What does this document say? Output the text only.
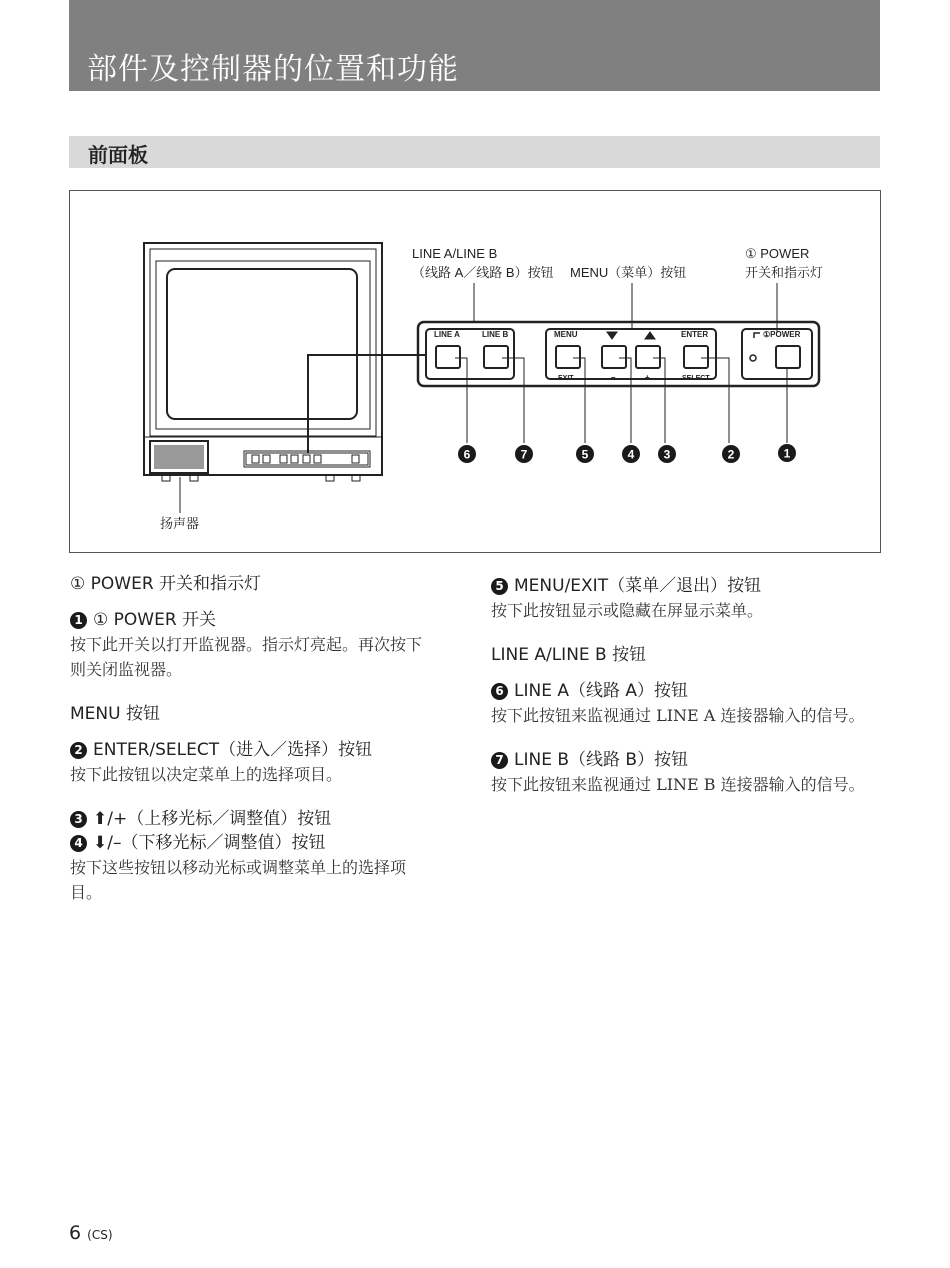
部件及控制器的位置和功能
前面板
LINE A	LINE B	MENU	ENTER	①POWER
EXIT	SELECT
–	+
LINE A/LINE B
（线路 A／线路 B）按钮 MENU（菜单）按钮
① POWER
开关和指示灯
扬声器
6	7	5	4 3	2	1

① POWER 开关和指示灯

1 ① POWER 开关

按下此开关以打开监视器。指示灯亮起。再次按下

则关闭监视器。

MENU 按钮

2 ENTER/SELECT（进入／选择）按钮

按下此按钮以决定菜单上的选择项目。

3 ⬆/+（上移光标／调整值）按钮

4 ⬇/–（下移光标／调整值）按钮

按下这些按钮以移动光标或调整菜单上的选择项

目。

5 MENU/EXIT（菜单／退出）按钮

按下此按钮显示或隐藏在屏显示菜单。

LINE A/LINE B 按钮

6 LINE A（线路 A）按钮

按下此按钮来监视通过 LINE A 连接器输入的信号。

7 LINE B（线路 B）按钮

按下此按钮来监视通过 LINE B 连接器输入的信号。

6 (CS)
